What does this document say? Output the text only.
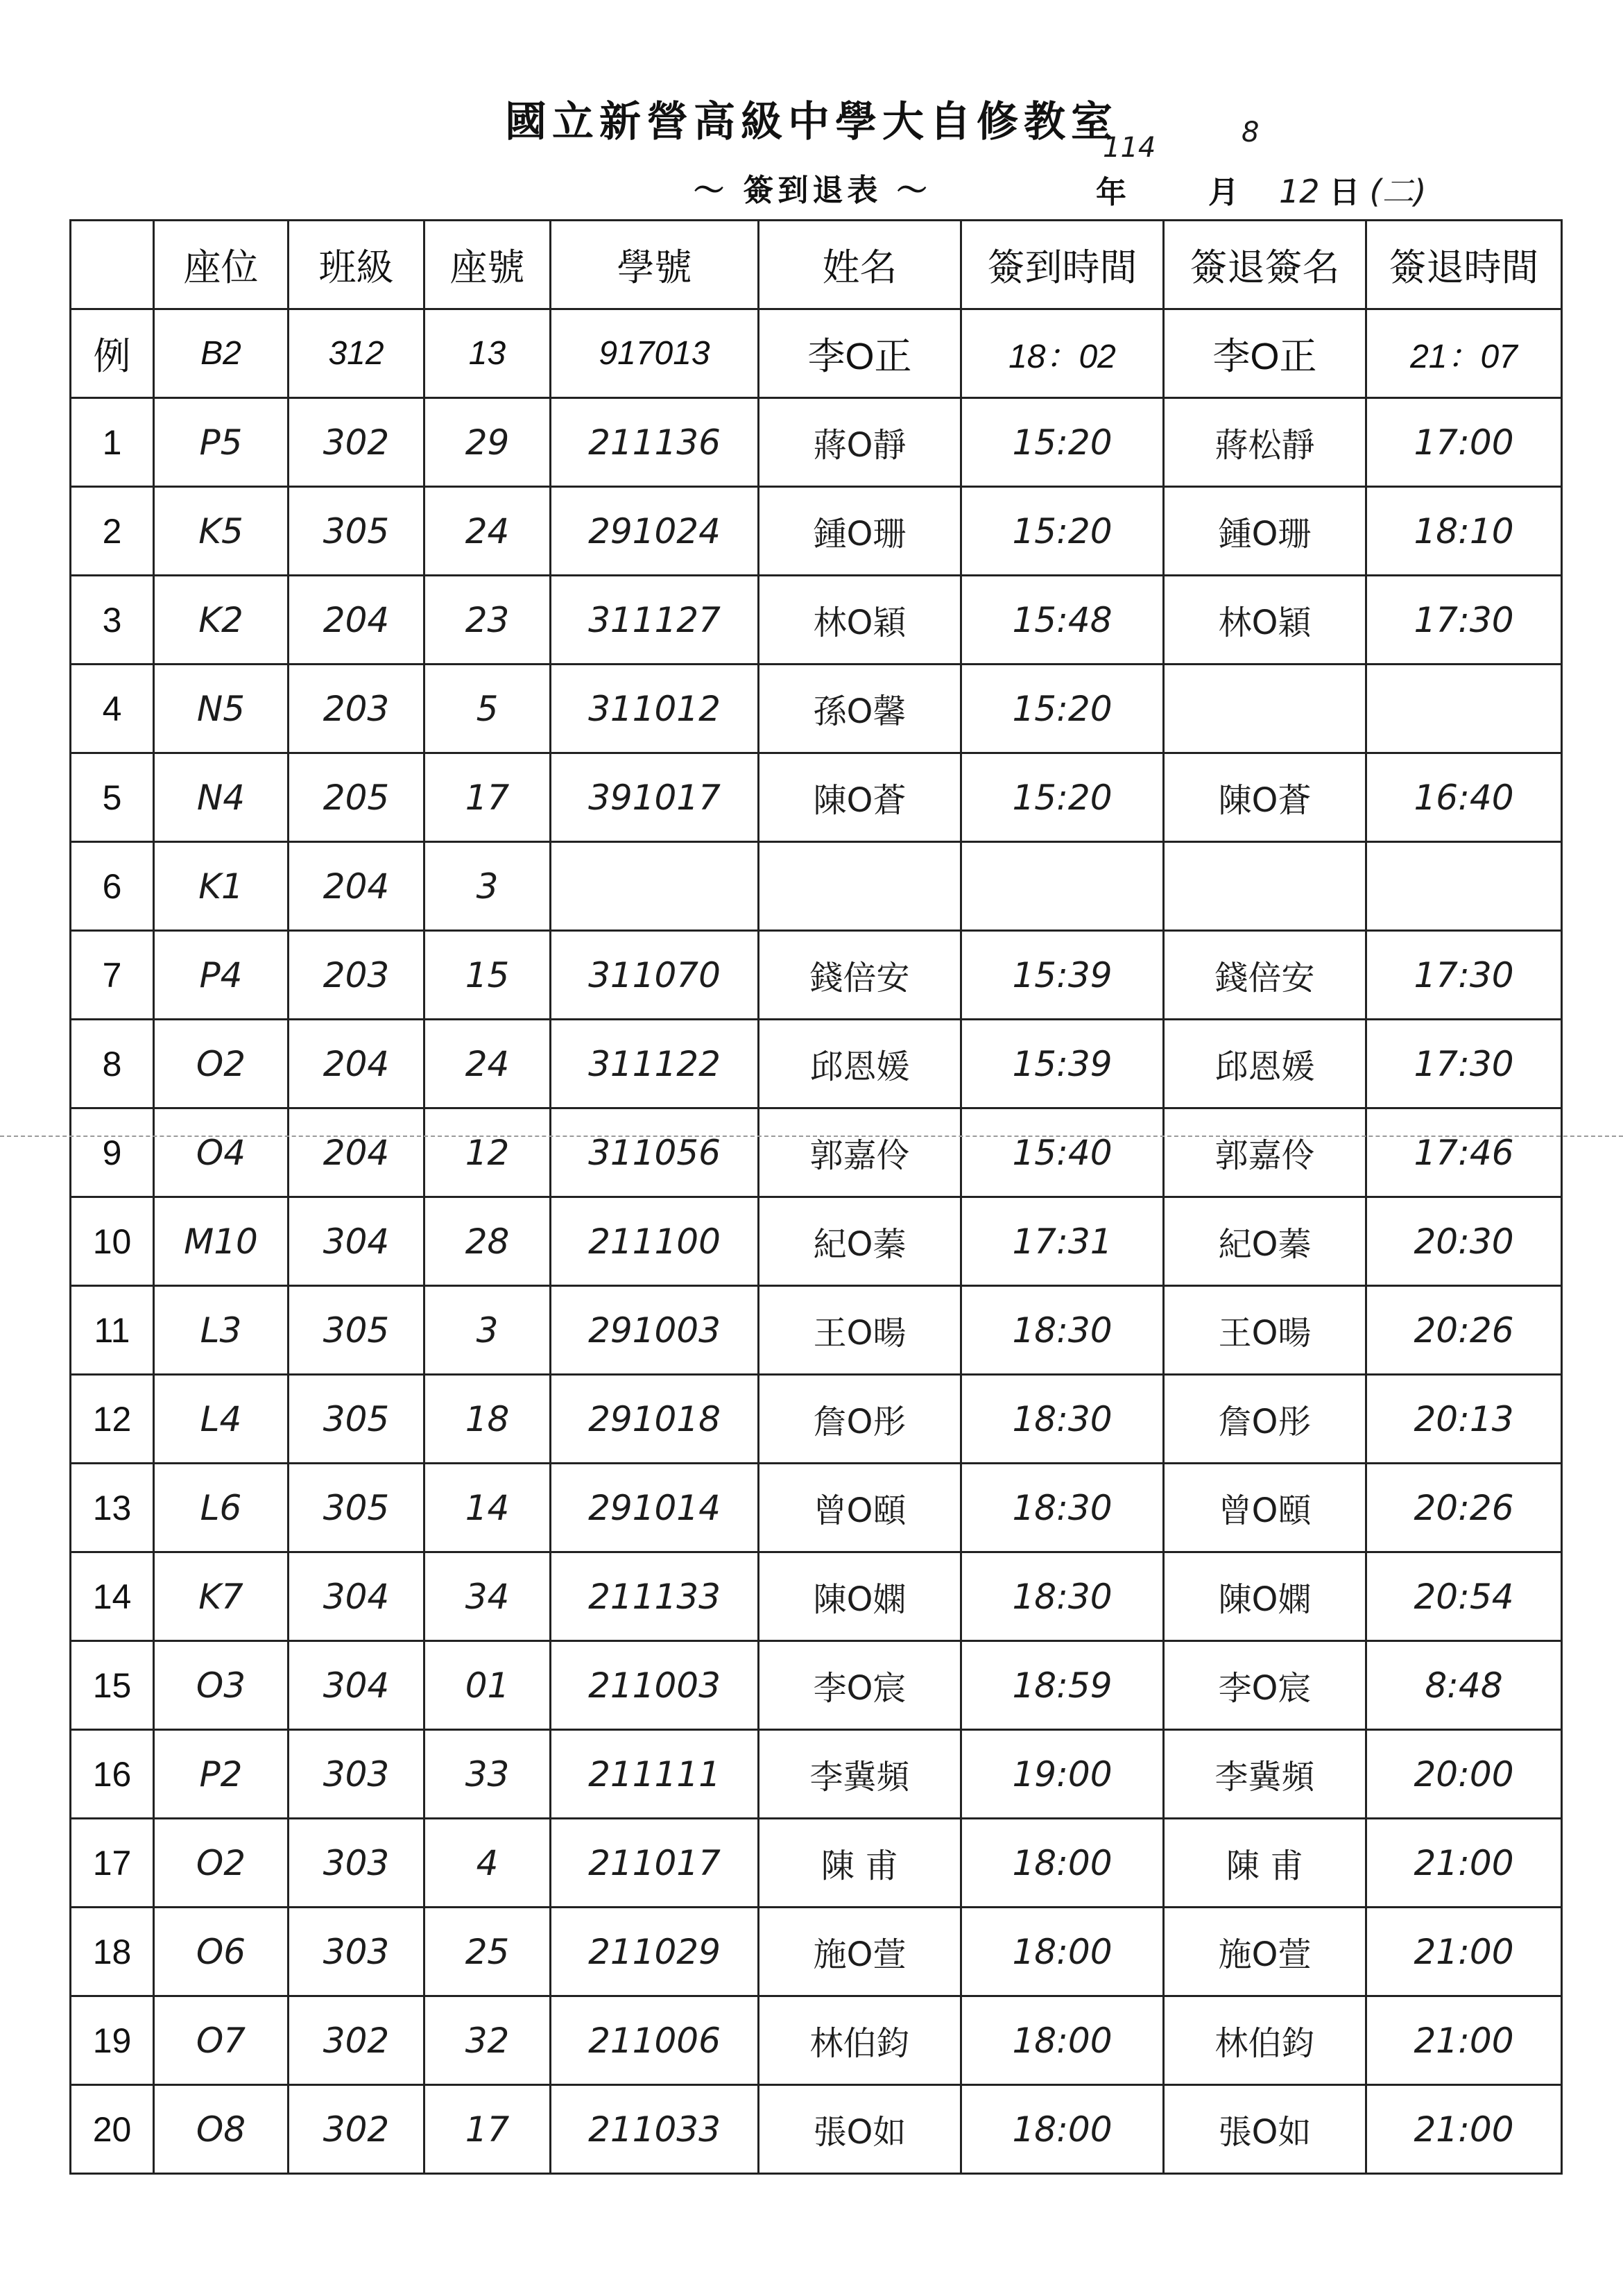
國立新營高級中學大自修教室
～ 簽到退表 ～
114	8
年	月 12 日 (二)
	座位	班級	座號	學號	姓名	簽到時間	簽退簽名	簽退時間
例	B2	312	13	917013	李O正	18：02	李O正	21：07
1	P5	302	29	211136	蔣O靜	15:20	蔣松靜	17:00
2	K5	305	24	291024	鍾O珊	15:20	鍾O珊	18:10
3	K2	204	23	311127	林O穎	15:48	林O穎	17:30
4	N5	203	5	311012	孫O馨	15:20		
5	N4	205	17	391017	陳O蒼	15:20	陳O蒼	16:40
6	K1	204	3					
7	P4	203	15	311070	錢倍安	15:39	錢倍安	17:30
8	O2	204	24	311122	邱恩媛	15:39	邱恩媛	17:30
9	O4	204	12	311056	郭嘉伶	15:40	郭嘉伶	17:46
10	M10	304	28	211100	紀O蓁	17:31	紀O蓁	20:30
11	L3	305	3	291003	王O暘	18:30	王O暘	20:26
12	L4	305	18	291018	詹O彤	18:30	詹O彤	20:13
13	L6	305	14	291014	曾O頤	18:30	曾O頤	20:26
14	K7	304	34	211133	陳O嫻	18:30	陳O嫻	20:54
15	O3	304	01	211003	李O宸	18:59	李O宸	8:48
16	P2	303	33	211111	李冀頻	19:00	李冀頻	20:00
17	O2	303	4	211017	陳 甫	18:00	陳 甫	21:00
18	O6	303	25	211029	施O萱	18:00	施O萱	21:00
19	O7	302	32	211006	林伯鈞	18:00	林伯鈞	21:00
20	O8	302	17	211033	張O如	18:00	張O如	21:00
